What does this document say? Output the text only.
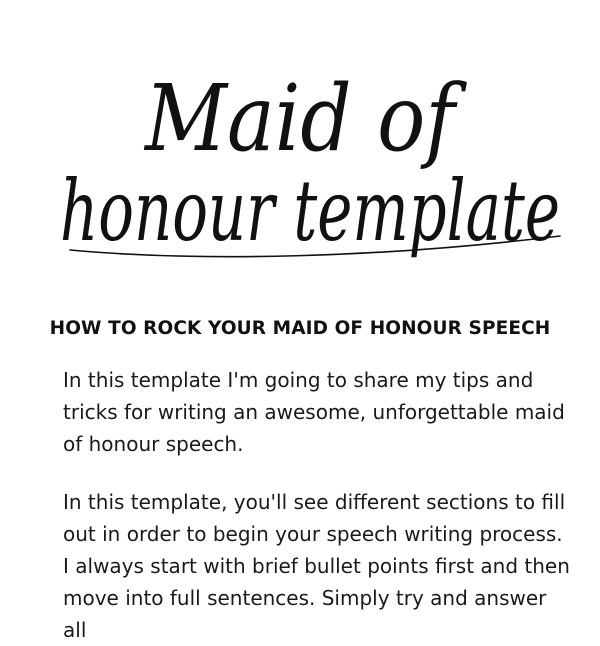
Maid of
honour template
HOW TO ROCK YOUR MAID OF HONOUR SPEECH

In this template I'm going to share my tips and tricks for writing an awesome, unforgettable maid of honour speech.

In this template, you'll see different sections to fill out in order to begin your speech writing process. I always start with brief bullet points first and then move into full sentences. Simply try and answer all
